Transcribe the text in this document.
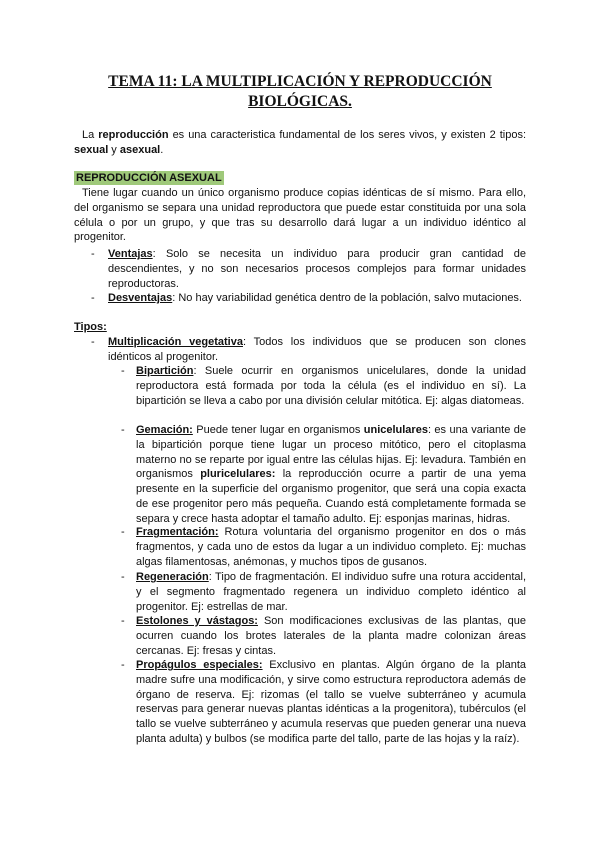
TEMA 11: LA MULTIPLICACIÓN Y REPRODUCCIÓN
BIOLÓGICAS.
La reproducción es una caracteristica fundamental de los seres vivos, y existen 2 tipos: sexual y asexual.
REPRODUCCIÓN ASEXUAL
Tiene lugar cuando un único organismo produce copias idénticas de sí mismo. Para ello, del organismo se separa una unidad reproductora que puede estar constituida por una sola célula o por un grupo, y que tras su desarrollo dará lugar a un individuo idéntico al progenitor.
- Ventajas: Solo se necesita un individuo para producir gran cantidad de descendientes, y no son necesarios procesos complejos para formar unidades reproductoras.
- Desventajas: No hay variabilidad genética dentro de la población, salvo mutaciones.
Tipos:
- Multiplicación vegetativa: Todos los individuos que se producen son clones idénticos al progenitor.
- Bipartición: Suele ocurrir en organismos unicelulares, donde la unidad reproductora está formada por toda la célula (es el individuo en sí). La bipartición se lleva a cabo por una división celular mitótica. Ej: algas diatomeas.
- Gemación: Puede tener lugar en organismos unicelulares: es una variante de la bipartición porque tiene lugar un proceso mitótico, pero el citoplasma materno no se reparte por igual entre las células hijas. Ej: levadura. También en organismos pluricelulares: la reproducción ocurre a partir de una yema presente en la superficie del organismo progenitor, que será una copia exacta de ese progenitor pero más pequeña. Cuando está completamente formada se separa y crece hasta adoptar el tamaño adulto. Ej: esponjas marinas, hidras.
- Fragmentación: Rotura voluntaria del organismo progenitor en dos o más fragmentos, y cada uno de estos da lugar a un individuo completo. Ej: muchas algas filamentosas, anémonas, y muchos tipos de gusanos.
- Regeneración: Tipo de fragmentación. El individuo sufre una rotura accidental, y el segmento fragmentado regenera un individuo completo idéntico al progenitor. Ej: estrellas de mar.
- Estolones y vástagos: Son modificaciones exclusivas de las plantas, que ocurren cuando los brotes laterales de la planta madre colonizan áreas cercanas. Ej: fresas y cintas.
- Propágulos especiales: Exclusivo en plantas. Algún órgano de la planta madre sufre una modificación, y sirve como estructura reproductora además de órgano de reserva. Ej: rizomas (el tallo se vuelve subterráneo y acumula reservas para generar nuevas plantas idénticas a la progenitora), tubérculos (el tallo se vuelve subterráneo y acumula reservas que pueden generar una nueva planta adulta) y bulbos (se modifica parte del tallo, parte de las hojas y la raíz).
